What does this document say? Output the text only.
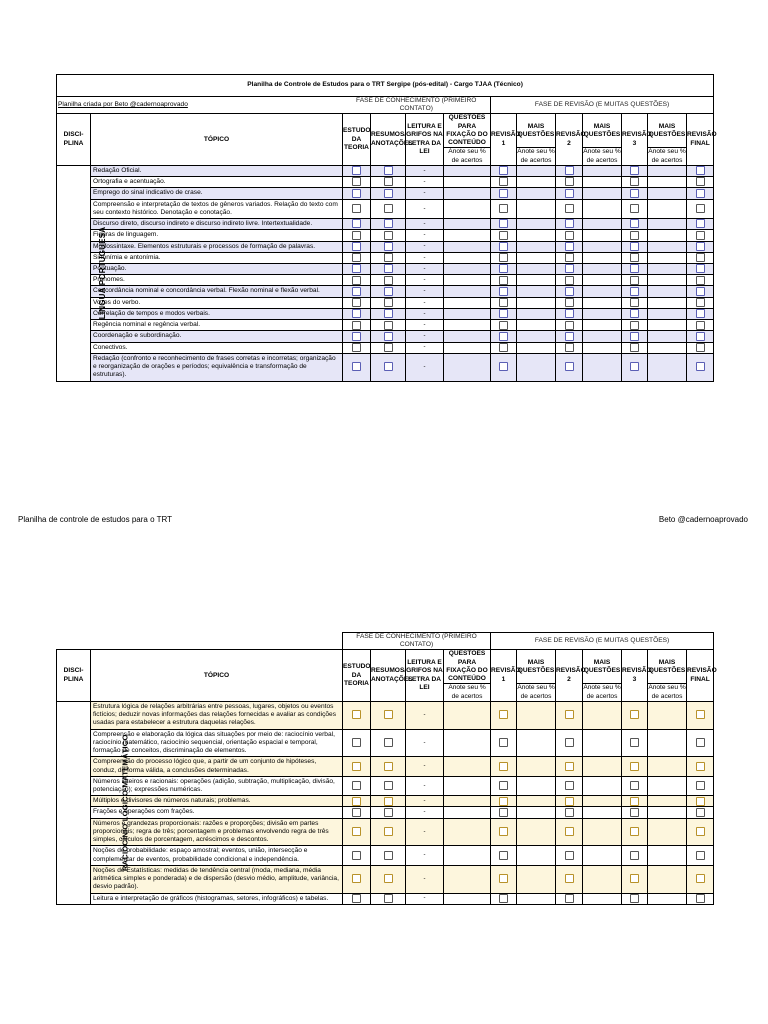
Planilha de Controle de Estudos para o TRT Sergipe (pós-edital) - Cargo TJAA (Técnico)												
Planilha criada por Beto @cadernoaprovado		FASE DE CONHECIMENTO (PRIMEIRO CONTATO)				FASE DE REVISÃO (E MUITAS QUESTÕES)						
DISCI-PLINA	TÓPICO	ESTUDO DA TEORIA	RESUMOS/ ANOTAÇÕES	LEITURA E GRIFOS NA LETRA DA LEI	QUESTÕES PARA FIXAÇÃO DO CONTEÚDO	REVISÃO 1	MAIS QUESTÕES	REVISÃO 2	MAIS QUESTÕES	REVISÃO 3	MAIS QUESTÕES	REVISÃO FINAL
					Anote seu % de acertos		Anote seu % de acertos		Anote seu % de acertos		Anote seu % de acertos	
LÍNGUA PORTUGUESA	Redação Oficial.			-								
	Ortografia e acentuação.			-								
	Emprego do sinal indicativo de crase.			-								
	Compreensão e interpretação de textos de gêneros variados. Relação do texto com seu contexto histórico. Denotação e conotação.			-								
	Discurso direto, discurso indireto e discurso indireto livre. Intertextualidade.			-								
	Figuras de linguagem.			-								
	Morfossintaxe. Elementos estruturais e processos de formação de palavras.			-								
	Sinonímia e antonímia.			-								
	Pontuação.			-								
	Pronomes.			-								
	Concordância nominal e concordância verbal. Flexão nominal e flexão verbal.			-								
	Vozes do verbo.			-								
	Correlação de tempos e modos verbais.			-								
	Regência nominal e regência verbal.			-								
	Coordenação e subordinação.			-								
	Conectivos.			-								
	Redação (confronto e reconhecimento de frases corretas e incorretas; organização e reorganização de orações e períodos; equivalência e transformação de estruturas).			-								
Planilha de controle de estudos para o TRT	Beto @cadernoaprovado
		FASE DE CONHECIMENTO (PRIMEIRO CONTATO)				FASE DE REVISÃO (E MUITAS QUESTÕES)						
DISCI-PLINA	TÓPICO	ESTUDO DA TEORIA	RESUMOS/ ANOTAÇÕES	LEITURA E GRIFOS NA LETRA DA LEI	QUESTÕES PARA FIXAÇÃO DO CONTEÚDO	REVISÃO 1	MAIS QUESTÕES	REVISÃO 2	MAIS QUESTÕES	REVISÃO 3	MAIS QUESTÕES	REVISÃO FINAL
					Anote seu % de acertos		Anote seu % de acertos		Anote seu % de acertos		Anote seu % de acertos	
RACIOCÍNIO LÓGICO-MATEMÁTICO	Estrutura lógica de relações arbitrárias entre pessoas, lugares, objetos ou eventos fictícios; deduzir novas informações das relações fornecidas e avaliar as condições usadas para estabelecer a estrutura daquelas relações.			-								
	Compreensão e elaboração da lógica das situações por meio de: raciocínio verbal, raciocínio matemático, raciocínio sequencial, orientação espacial e temporal, formação de conceitos, discriminação de elementos.			-								
	Compreensão do processo lógico que, a partir de um conjunto de hipóteses, conduz, de forma válida, a conclusões determinadas.			-								
	Números inteiros e racionais: operações (adição, subtração, multiplicação, divisão, potenciação); expressões numéricas.			-								
	Múltiplos e divisores de números naturais; problemas.			-								
	Frações e operações com frações.			-								
	Números e grandezas proporcionais: razões e proporções; divisão em partes proporcionais; regra de três; porcentagem e problemas envolvendo regra de três simples, cálculos de porcentagem, acréscimos e descontos.			-								
	Noções de probabilidade: espaço amostral; eventos, união, intersecção e complementar de eventos, probabilidade condicional e independência.			-								
	Noções de Estatísticas: medidas de tendência central (moda, mediana, média aritmética simples e ponderada) e de dispersão (desvio médio, amplitude, variância, desvio padrão).			-								
	Leitura e interpretação de gráficos (histogramas, setores, infográficos) e tabelas.			-								
